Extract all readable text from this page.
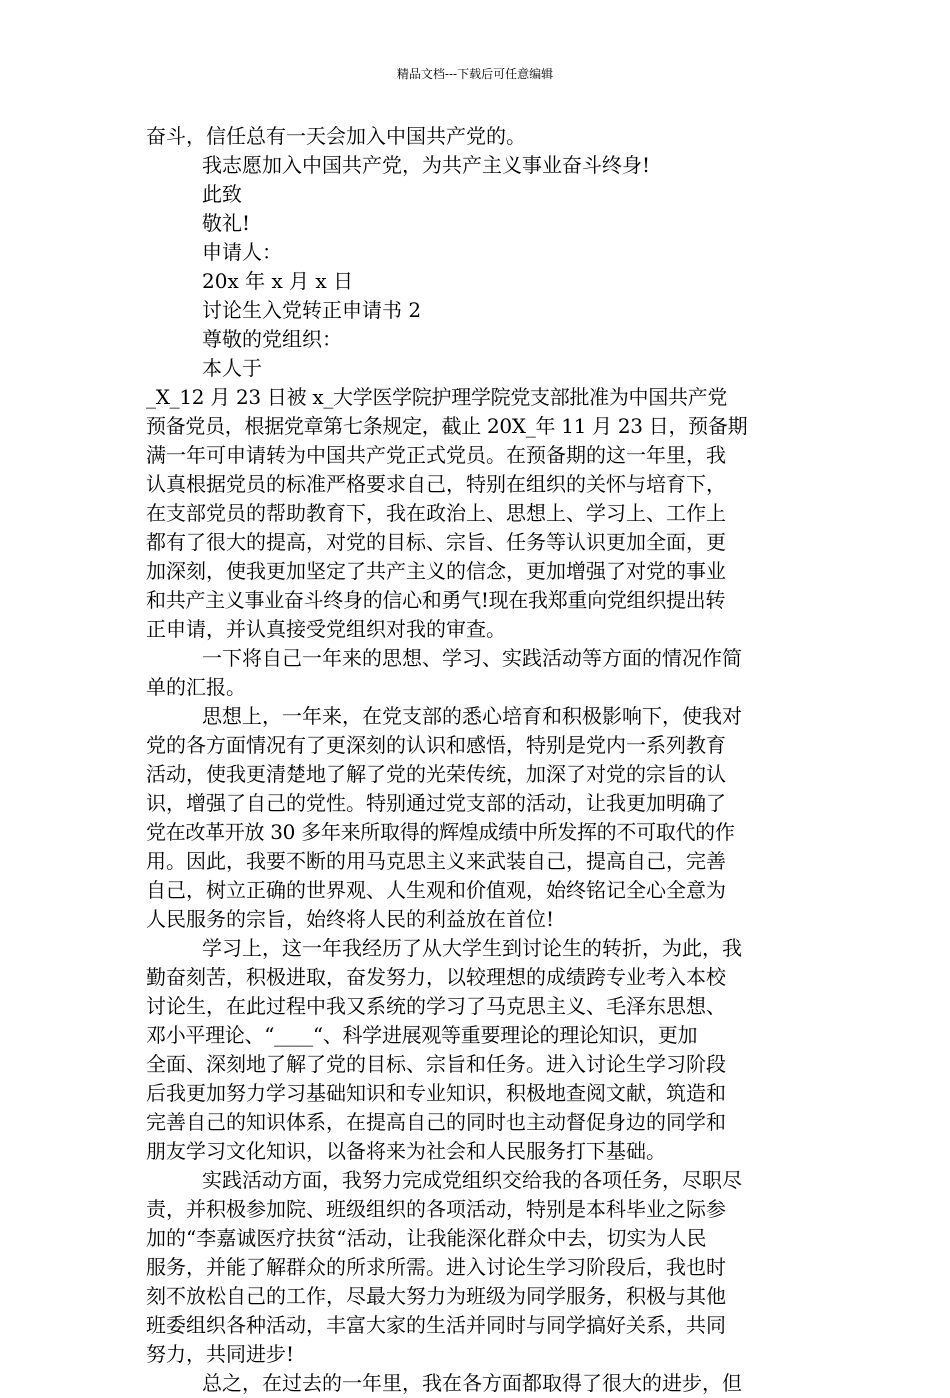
精品文档---下载后可任意编辑

奋斗，信任总有一天会加入中国共产党的。

我志愿加入中国共产党，为共产主义事业奋斗终身!

此致

敬礼!

申请人：

20x 年 x 月 x 日

讨论生入党转正申请书 2

尊敬的党组织：

本人于

_X_12 月 23 日被 x_大学医学院护理学院党支部批准为中国共产党

预备党员，根据党章第七条规定，截止 20X_年 11 月 23 日，预备期

满一年可申请转为中国共产党正式党员。在预备期的这一年里，我

认真根据党员的标准严格要求自己，特别在组织的关怀与培育下，

在支部党员的帮助教育下，我在政治上、思想上、学习上、工作上

都有了很大的提高，对党的目标、宗旨、任务等认识更加全面，更

加深刻，使我更加坚定了共产主义的信念，更加增强了对党的事业

和共产主义事业奋斗终身的信心和勇气!现在我郑重向党组织提出转

正申请，并认真接受党组织对我的审查。

一下将自己一年来的思想、学习、实践活动等方面的情况作简

单的汇报。

思想上，一年来，在党支部的悉心培育和积极影响下，使我对

党的各方面情况有了更深刻的认识和感悟，特别是党内一系列教育

活动，使我更清楚地了解了党的光荣传统，加深了对党的宗旨的认

识，增强了自己的党性。特别通过党支部的活动，让我更加明确了

党在改革开放 30 多年来所取得的辉煌成绩中所发挥的不可取代的作

用。因此，我要不断的用马克思主义来武装自己，提高自己，完善

自己，树立正确的世界观、人生观和价值观，始终铭记全心全意为

人民服务的宗旨，始终将人民的利益放在首位!

学习上，这一年我经历了从大学生到讨论生的转折，为此，我

勤奋刻苦，积极进取，奋发努力，以较理想的成绩跨专业考入本校

讨论生，在此过程中我又系统的学习了马克思主义、毛泽东思想、

邓小平理论、“____“、科学进展观等重要理论的理论知识，更加

全面、深刻地了解了党的目标、宗旨和任务。进入讨论生学习阶段

后我更加努力学习基础知识和专业知识，积极地查阅文献，筑造和

完善自己的知识体系，在提高自己的同时也主动督促身边的同学和

朋友学习文化知识，以备将来为社会和人民服务打下基础。

实践活动方面，我努力完成党组织交给我的各项任务，尽职尽

责，并积极参加院、班级组织的各项活动，特别是本科毕业之际参

加的“李嘉诚医疗扶贫“活动，让我能深化群众中去，切实为人民

服务，并能了解群众的所求所需。进入讨论生学习阶段后，我也时

刻不放松自己的工作，尽最大努力为班级为同学服务，积极与其他

班委组织各种活动，丰富大家的生活并同时与同学搞好关系，共同

努力，共同进步!

总之，在过去的一年里，我在各方面都取得了很大的进步，但
